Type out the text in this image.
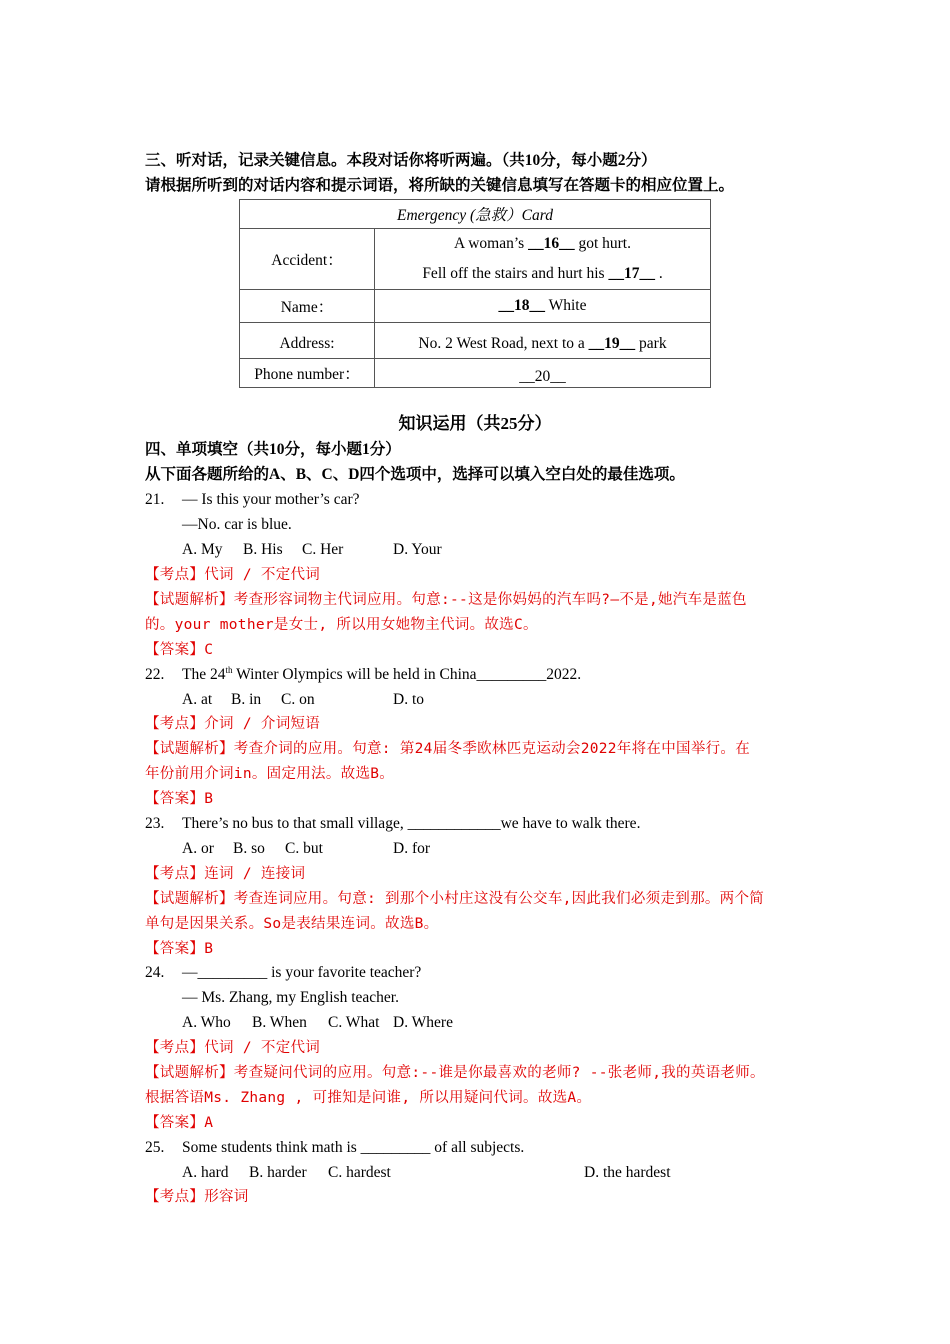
三、听对话，记录关键信息。本段对话你将听两遍。（共10分，每小题2分）
请根据所听到的对话内容和提示词语，将所缺的关键信息填写在答题卡的相应位置上。
Emergency (急救）Card	
Accident：	A woman’s __16__ got hurt.
Fell off the stairs and hurt his __17__ .

Name：	__18__ White
Address:	No. 2 West Road, next to a __19__ park
Phone number：	__20__
知识运用（共25分）
四、单项填空（共10分，每小题1分）
从下面各题所给的A、B、C、D四个选项中，选择可以填入空白处的最佳选项。
21. — Is this your mother’s car?
—No. car is blue.
A. My B. His C. Her	D. Your
【考点】代词 / 不定代词
【试题解析】考查形容词物主代词应用。句意:--这是你妈妈的汽车吗?—不是,她汽车是蓝色
的。your mother是女士, 所以用女她物主代词。故选C。
【答案】C
22. The 24th Winter Olympics will be held in China_________2022.
A. at B. in C. on	D. to
【考点】介词 / 介词短语
【试题解析】考查介词的应用。句意: 第24届冬季欧林匹克运动会2022年将在中国举行。在
年份前用介词in。固定用法。故选B。
【答案】B
23. There’s no bus to that small village, ____________we have to walk there.
A. or B. so C. but	D. for
【考点】连词 / 连接词
【试题解析】考查连词应用。句意: 到那个小村庄这没有公交车,因此我们必须走到那。两个简
单句是因果关系。So是表结果连词。故选B。
【答案】B
24. —_________ is your favorite teacher?
— Ms. Zhang, my English teacher.
A. Who B. When C. What D. Where
【考点】代词 / 不定代词
【试题解析】考查疑问代词的应用。句意:--谁是你最喜欢的老师? --张老师,我的英语老师。
根据答语Ms. Zhang , 可推知是问谁, 所以用疑问代词。故选A。
【答案】A
25. Some students think math is _________ of all subjects.
A. hard B. harder C. hardest	D. the hardest
【考点】形容词
